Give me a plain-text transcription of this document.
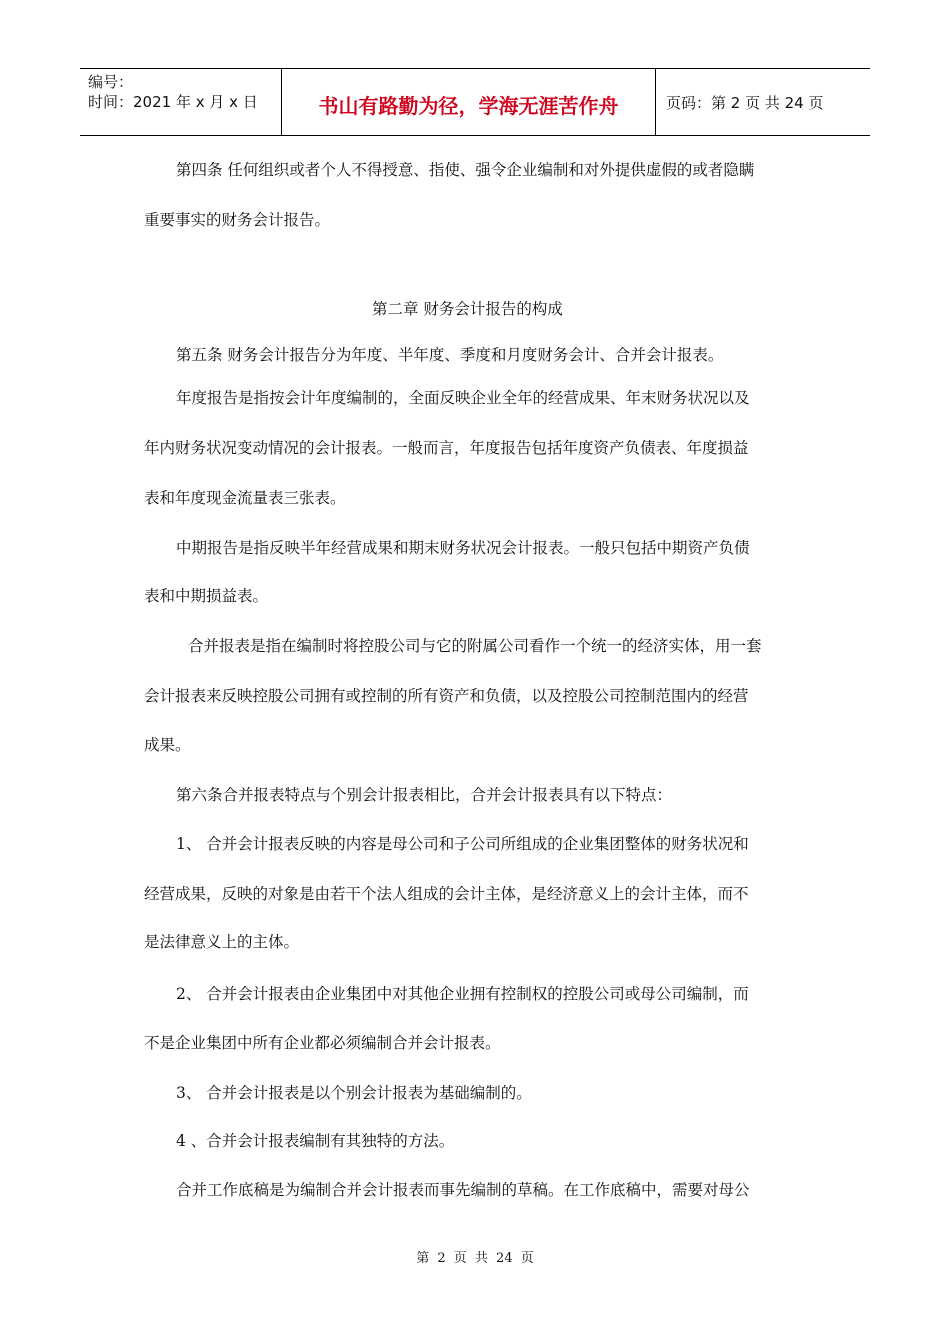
编号：
时间：2021 年 x 月 x 日	书山有路勤为径，学海无涯苦作舟	页码：第 2 页 共 24 页
第四条 任何组织或者个人不得授意、指使、强令企业编制和对外提供虚假的或者隐瞒
重要事实的财务会计报告。
第二章 财务会计报告的构成
第五条 财务会计报告分为年度、半年度、季度和月度财务会计、合并会计报表。
年度报告是指按会计年度编制的，全面反映企业全年的经营成果、年末财务状况以及
年内财务状况变动情况的会计报表。一般而言，年度报告包括年度资产负债表、年度损益
表和年度现金流量表三张表。
中期报告是指反映半年经营成果和期末财务状况会计报表。一般只包括中期资产负债
表和中期损益表。
合并报表是指在编制时将控股公司与它的附属公司看作一个统一的经济实体，用一套
会计报表来反映控股公司拥有或控制的所有资产和负债，以及控股公司控制范围内的经营
成果。
第六条合并报表特点与个别会计报表相比，合并会计报表具有以下特点：
1、 合并会计报表反映的内容是母公司和子公司所组成的企业集团整体的财务状况和
经营成果，反映的对象是由若干个法人组成的会计主体，是经济意义上的会计主体，而不
是法律意义上的主体。
2、 合并会计报表由企业集团中对其他企业拥有控制权的控股公司或母公司编制，而
不是企业集团中所有企业都必须编制合并会计报表。
3、 合并会计报表是以个别会计报表为基础编制的。
4 、合并会计报表编制有其独特的方法。
合并工作底稿是为编制合并会计报表而事先编制的草稿。在工作底稿中，需要对母公
第 2 页 共 24 页
